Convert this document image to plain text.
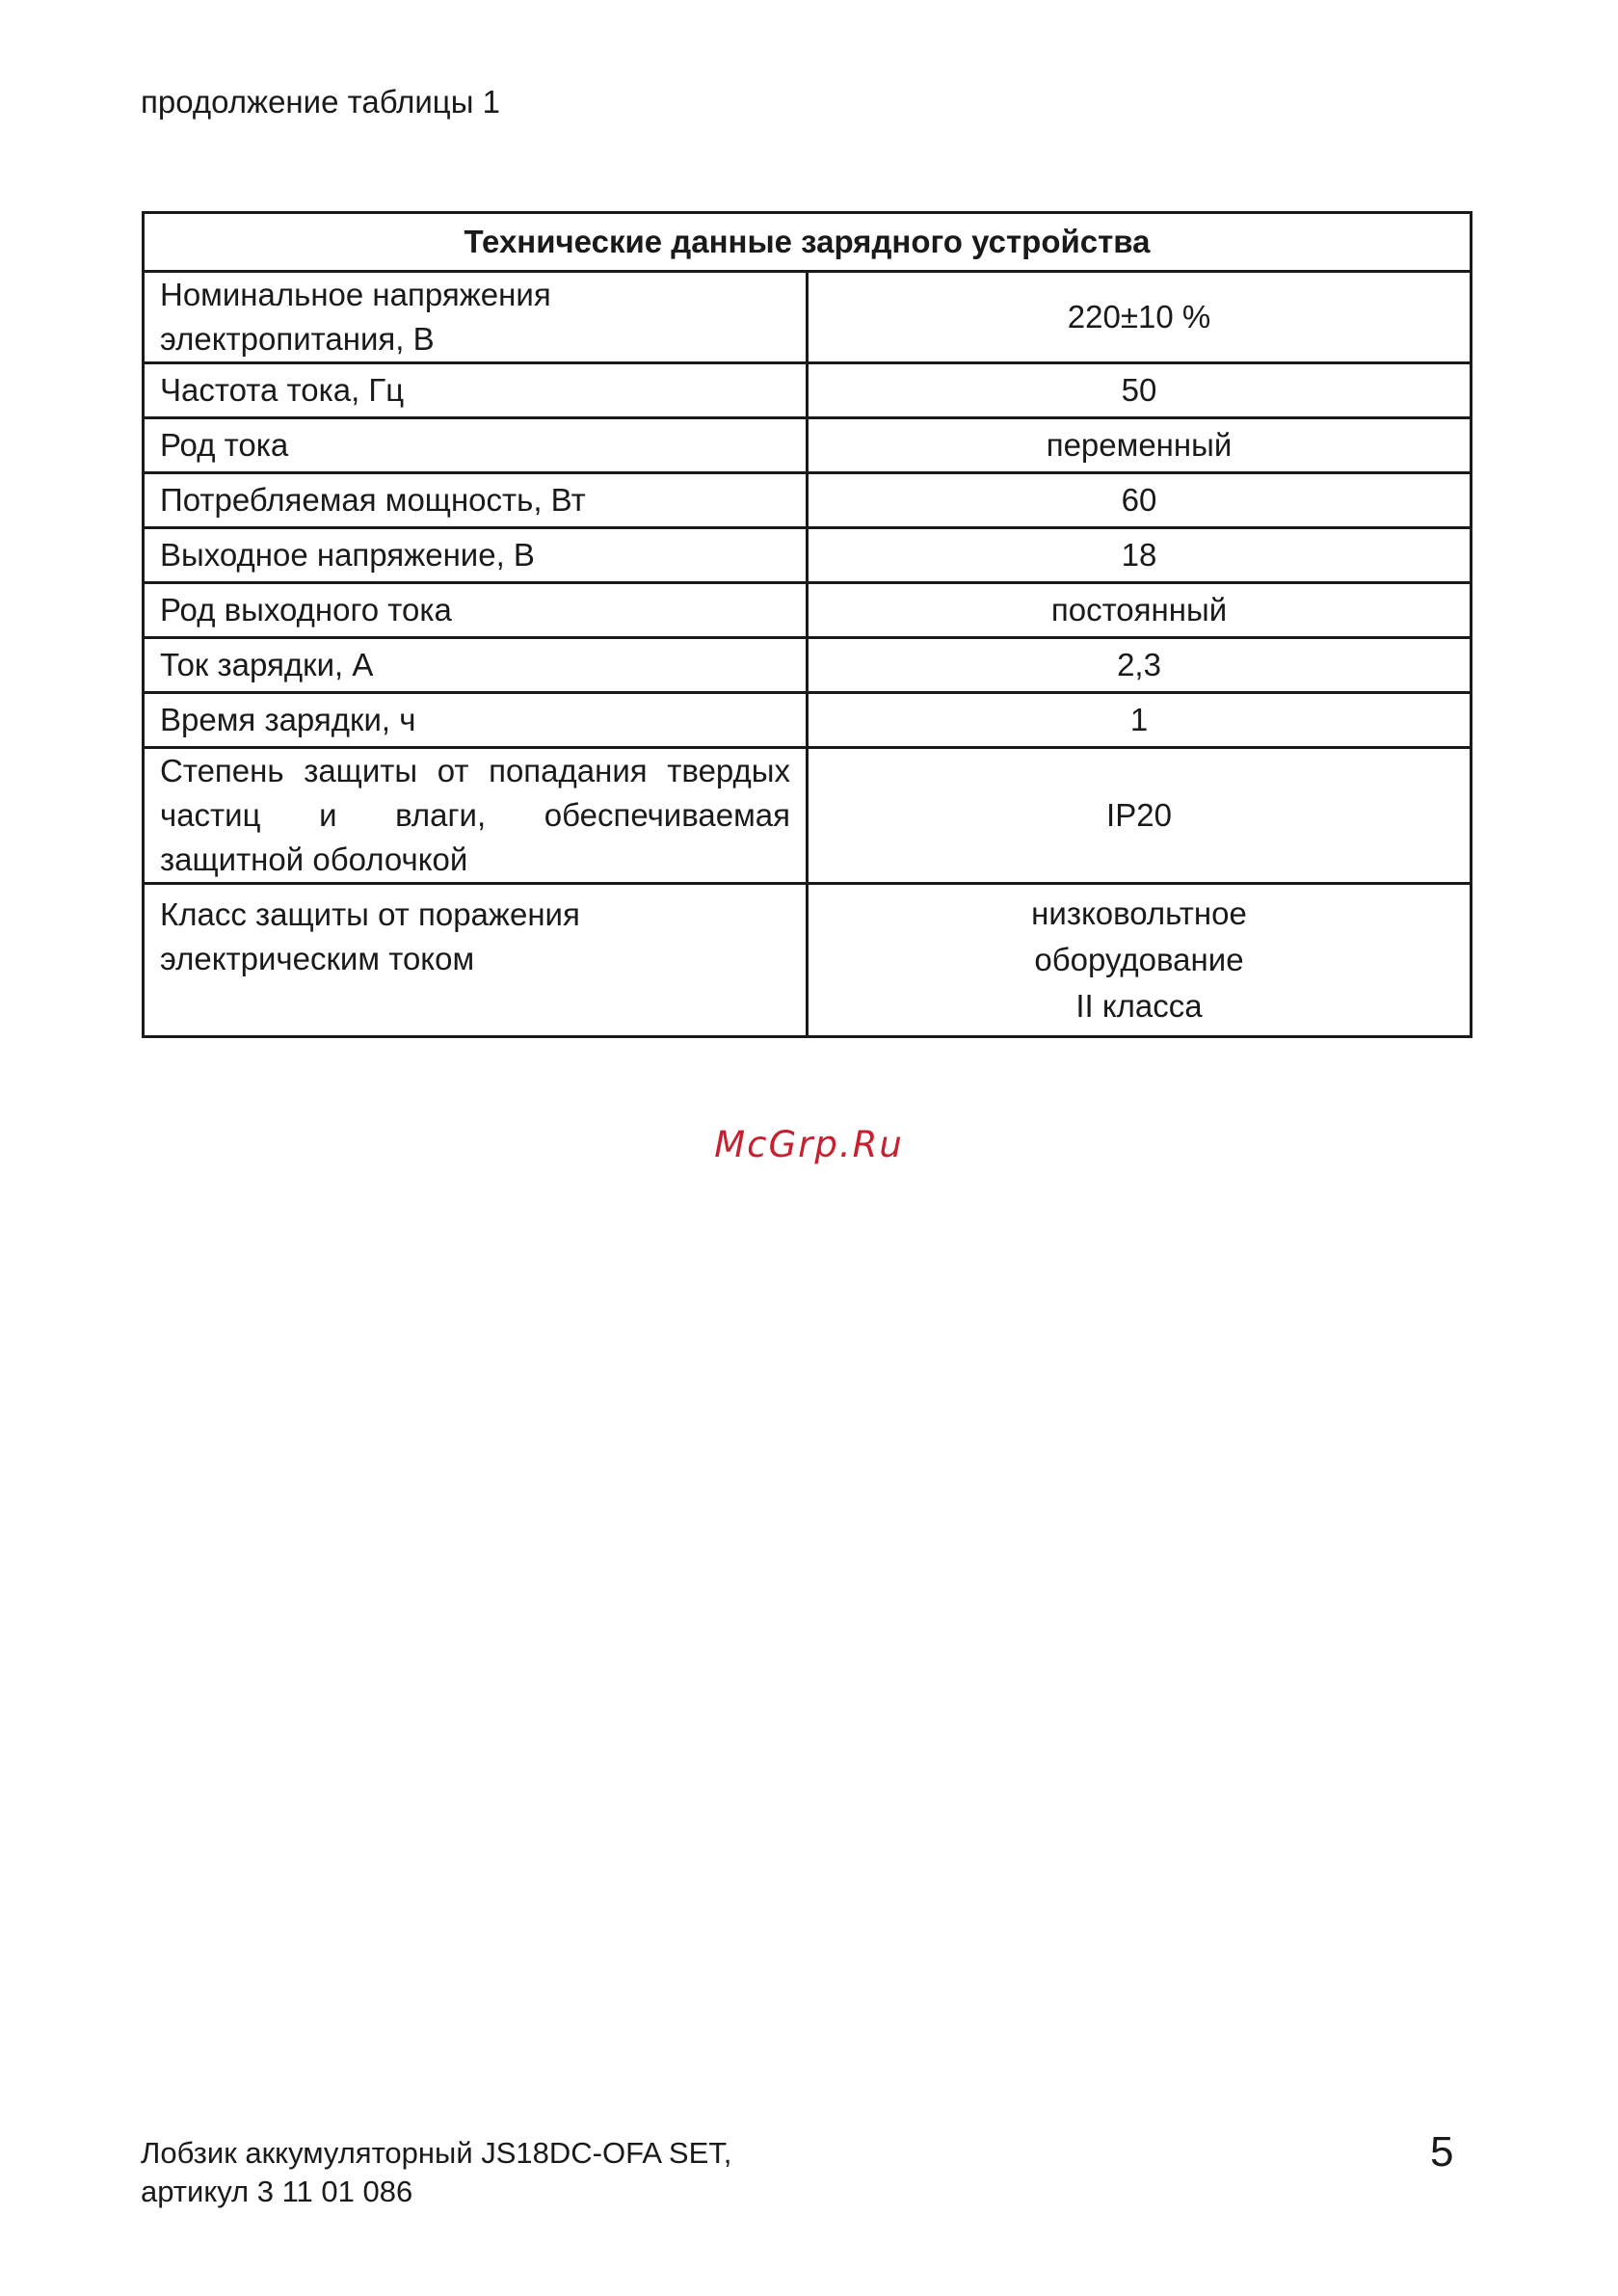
продолжение таблицы 1
Технические данные зарядного устройства	
Номинальное напряжения электропитания, В	220±10 %
Частота тока, Гц	50
Род тока	переменный
Потребляемая мощность, Вт	60
Выходное напряжение, В	18
Род выходного тока	постоянный
Ток зарядки, А	2,3
Время зарядки, ч	1
Степень защиты от попадания твердых частиц и влаги, обеспечиваемая защитной оболочкой	IP20
Класс защиты от поражения электрическим током	низковольтное
оборудование
II класса
McGrp.Ru
Лобзик аккумуляторный JS18DC-OFA SET,
артикул 3 11 01 086
5
